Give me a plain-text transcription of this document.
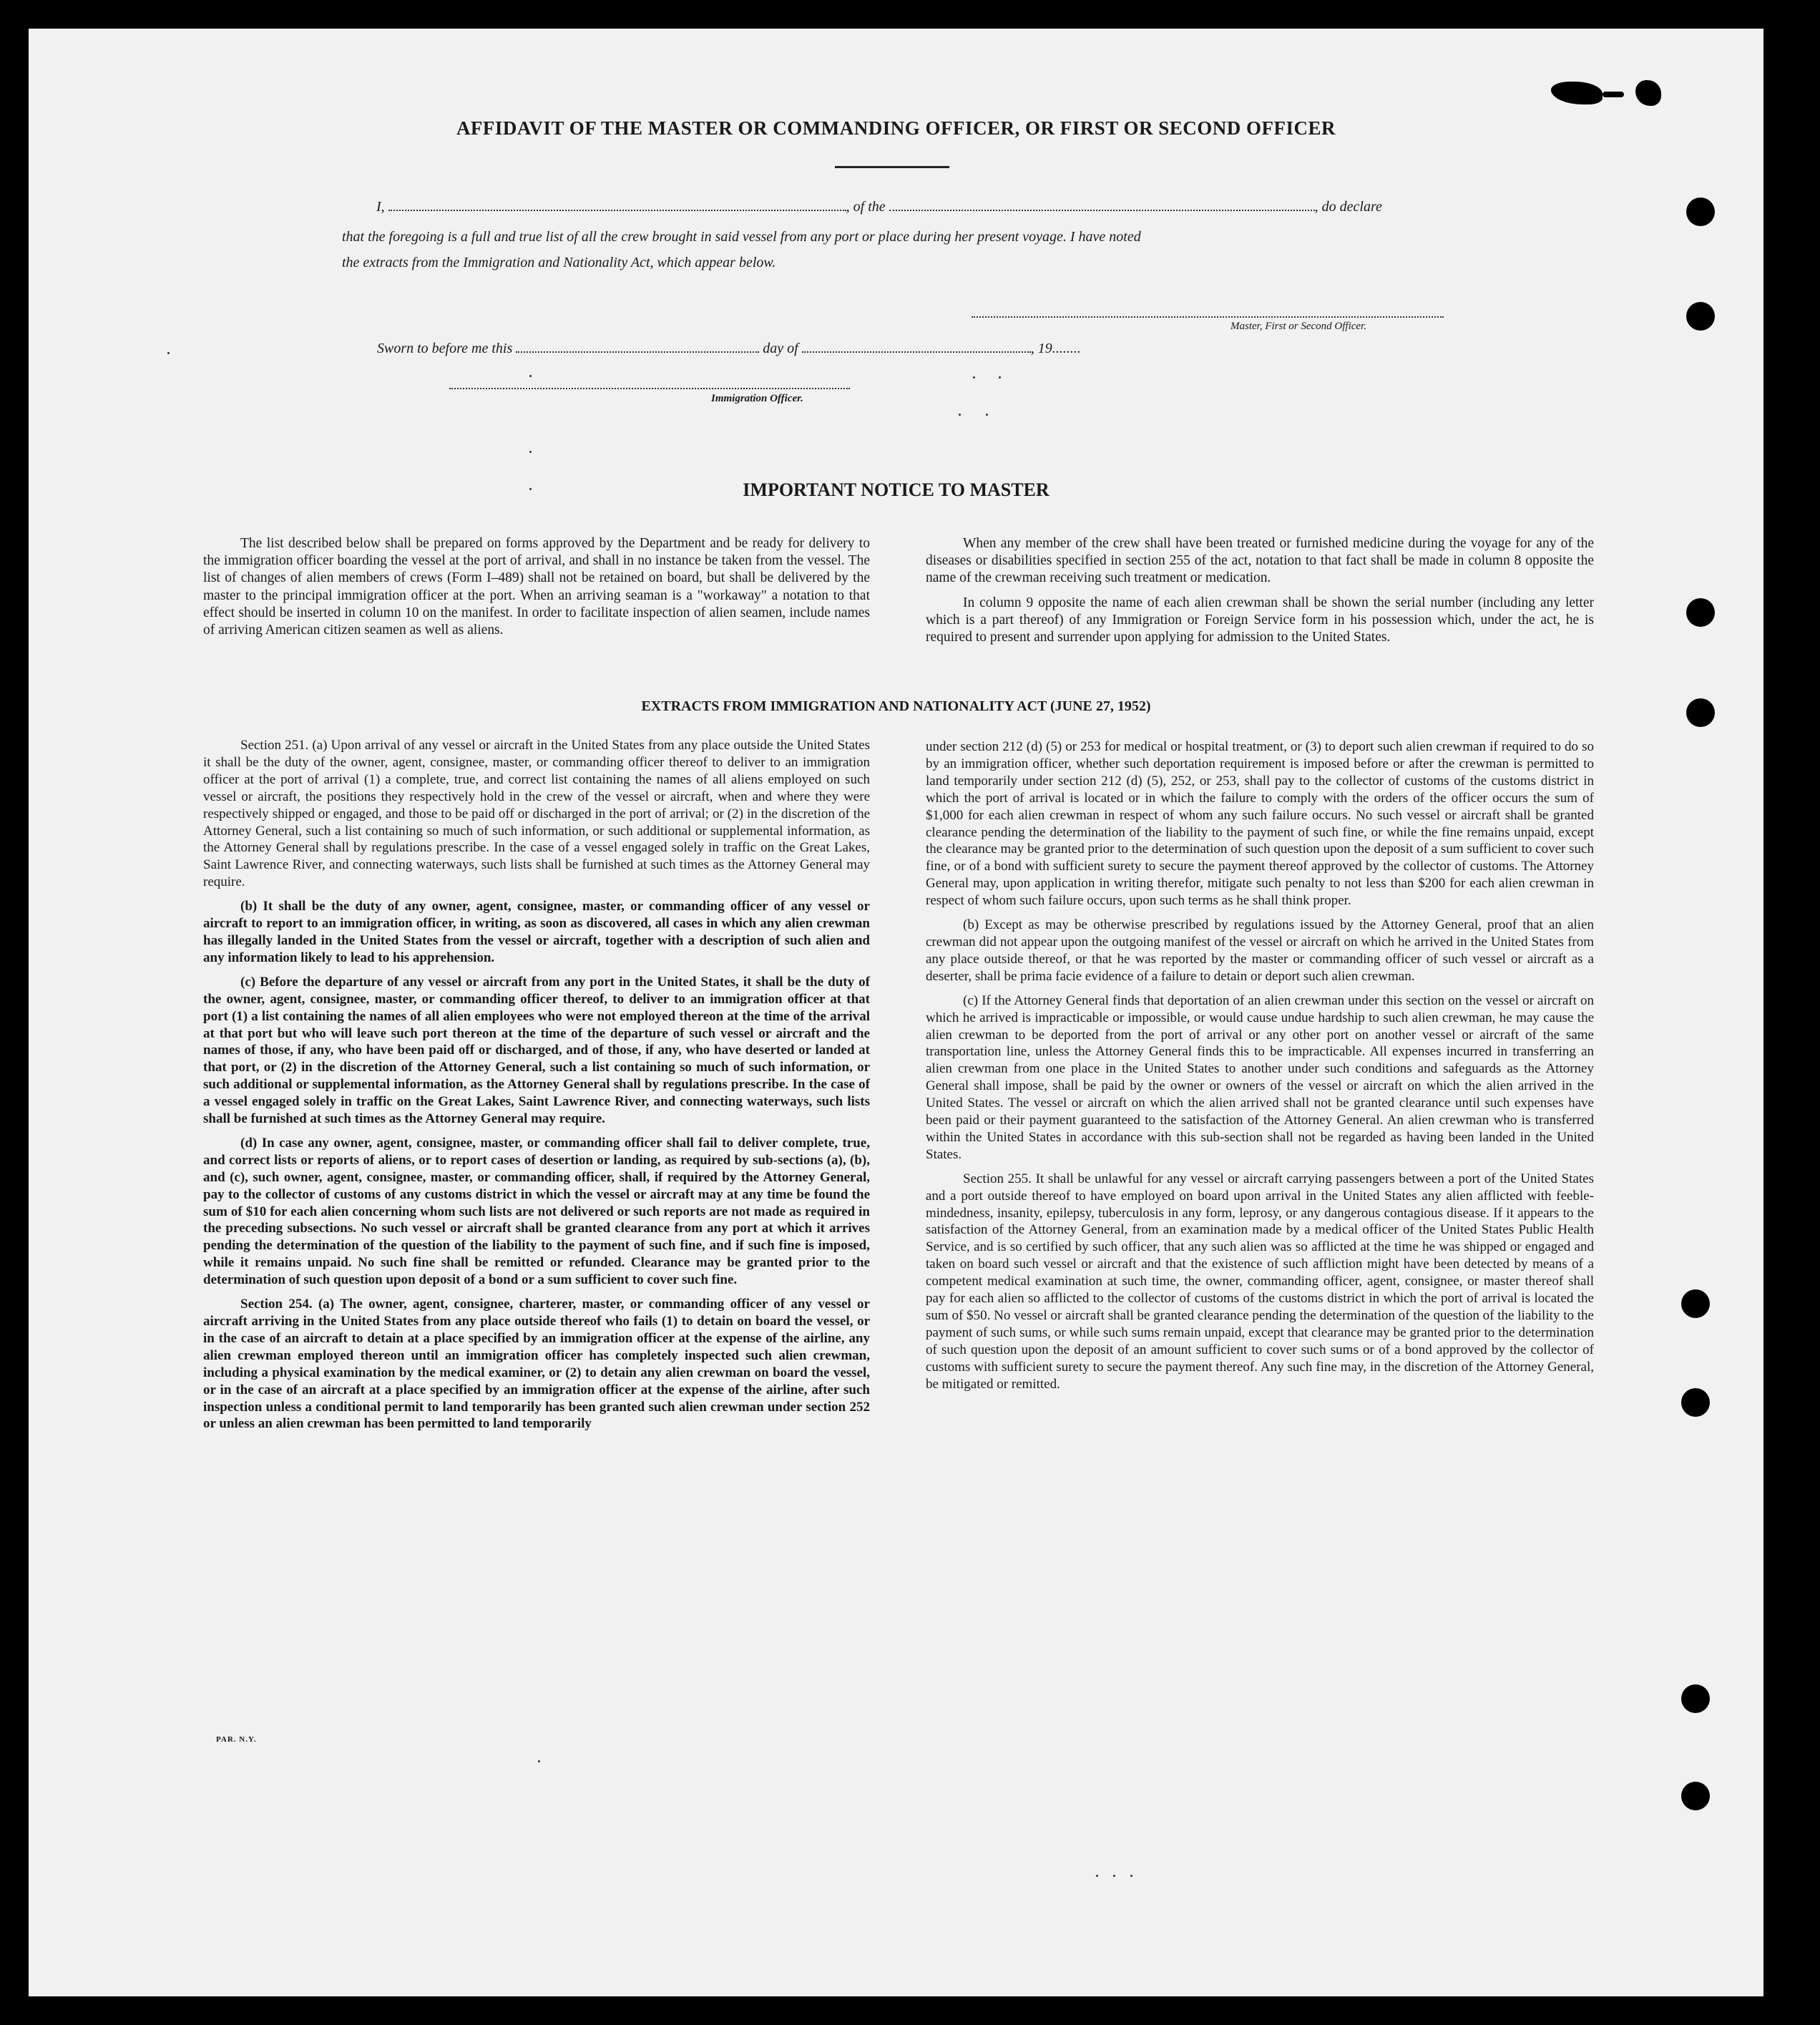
AFFIDAVIT OF THE MASTER OR COMMANDING OFFICER, OR FIRST OR SECOND OFFICER
I,	, of the	, do declare
that the foregoing is a full and true list of all the crew brought in said vessel from any port or place during her present voyage. I have noted
the extracts from the Immigration and Nationality Act, which appear below.
Master, First or Second Officer.
Sworn to before me this	day of	, 19........
Immigration Officer.
IMPORTANT NOTICE TO MASTER

The list described below shall be prepared on forms approved by the Department and be ready for delivery to the immigration officer boarding the vessel at the port of arrival, and shall in no instance be taken from the vessel. The list of changes of alien members of crews (Form I–489) shall not be retained on board, but shall be delivered by the master to the principal immigration officer at the port. When an arriving seaman is a "workaway" a notation to that effect should be inserted in column 10 on the manifest. In order to facilitate inspection of alien seamen, include names of arriving American citizen seamen as well as aliens.

When any member of the crew shall have been treated or furnished medicine during the voyage for any of the diseases or disabilities specified in section 255 of the act, notation to that fact shall be made in column 8 opposite the name of the crewman receiving such treatment or medication.

In column 9 opposite the name of each alien crewman shall be shown the serial number (including any letter which is a part thereof) of any Immigration or Foreign Service form in his possession which, under the act, he is required to present and surrender upon applying for admission to the United States.

EXTRACTS FROM IMMIGRATION AND NATIONALITY ACT (JUNE 27, 1952)

Section 251. (a) Upon arrival of any vessel or aircraft in the United States from any place outside the United States it shall be the duty of the owner, agent, consignee, master, or commanding officer thereof to deliver to an immigration officer at the port of arrival (1) a complete, true, and correct list containing the names of all aliens employed on such vessel or aircraft, the positions they respectively hold in the crew of the vessel or aircraft, when and where they were respectively shipped or engaged, and those to be paid off or discharged in the port of arrival; or (2) in the discretion of the Attorney General, such a list containing so much of such information, or such additional or supplemental information, as the Attorney General shall by regulations prescribe. In the case of a vessel engaged solely in traffic on the Great Lakes, Saint Lawrence River, and connecting waterways, such lists shall be furnished at such times as the Attorney General may require.

(b) It shall be the duty of any owner, agent, consignee, master, or commanding officer of any vessel or aircraft to report to an immigration officer, in writing, as soon as discovered, all cases in which any alien crewman has illegally landed in the United States from the vessel or aircraft, together with a description of such alien and any information likely to lead to his apprehension.

(c) Before the departure of any vessel or aircraft from any port in the United States, it shall be the duty of the owner, agent, consignee, master, or commanding officer thereof, to deliver to an immigration officer at that port (1) a list containing the names of all alien employees who were not employed thereon at the time of the arrival at that port but who will leave such port thereon at the time of the departure of such vessel or aircraft and the names of those, if any, who have been paid off or discharged, and of those, if any, who have deserted or landed at that port, or (2) in the discretion of the Attorney General, such a list containing so much of such information, or such additional or supplemental information, as the Attorney General shall by regulations prescribe. In the case of a vessel engaged solely in traffic on the Great Lakes, Saint Lawrence River, and connecting waterways, such lists shall be furnished at such times as the Attorney General may require.

(d) In case any owner, agent, consignee, master, or commanding officer shall fail to deliver complete, true, and correct lists or reports of aliens, or to report cases of desertion or landing, as required by sub-sections (a), (b), and (c), such owner, agent, consignee, master, or commanding officer, shall, if required by the Attorney General, pay to the collector of customs of any customs district in which the vessel or aircraft may at any time be found the sum of $10 for each alien concerning whom such lists are not delivered or such reports are not made as required in the preceding subsections. No such vessel or aircraft shall be granted clearance from any port at which it arrives pending the determination of the question of the liability to the payment of such fine, and if such fine is imposed, while it remains unpaid. No such fine shall be remitted or refunded. Clearance may be granted prior to the determination of such question upon deposit of a bond or a sum sufficient to cover such fine.

Section 254. (a) The owner, agent, consignee, charterer, master, or commanding officer of any vessel or aircraft arriving in the United States from any place outside thereof who fails (1) to detain on board the vessel, or in the case of an aircraft to detain at a place specified by an immigration officer at the expense of the airline, any alien crewman employed thereon until an immigration officer has completely inspected such alien crewman, including a physical examination by the medical examiner, or (2) to detain any alien crewman on board the vessel, or in the case of an aircraft at a place specified by an immigration officer at the expense of the airline, after such inspection unless a conditional permit to land temporarily has been granted such alien crewman under section 252 or unless an alien crewman has been permitted to land temporarily

under section 212 (d) (5) or 253 for medical or hospital treatment, or (3) to deport such alien crewman if required to do so by an immigration officer, whether such deportation requirement is imposed before or after the crewman is permitted to land temporarily under section 212 (d) (5), 252, or 253, shall pay to the collector of customs of the customs district in which the port of arrival is located or in which the failure to comply with the orders of the officer occurs the sum of $1,000 for each alien crewman in respect of whom any such failure occurs. No such vessel or aircraft shall be granted clearance pending the determination of the liability to the payment of such fine, or while the fine remains unpaid, except the clearance may be granted prior to the determination of such question upon the deposit of a sum sufficient to cover such fine, or of a bond with sufficient surety to secure the payment thereof approved by the collector of customs. The Attorney General may, upon application in writing therefor, mitigate such penalty to not less than $200 for each alien crewman in respect of whom such failure occurs, upon such terms as he shall think proper.

(b) Except as may be otherwise prescribed by regulations issued by the Attorney General, proof that an alien crewman did not appear upon the outgoing manifest of the vessel or aircraft on which he arrived in the United States from any place outside thereof, or that he was reported by the master or commanding officer of such vessel or aircraft as a deserter, shall be prima facie evidence of a failure to detain or deport such alien crewman.

(c) If the Attorney General finds that deportation of an alien crewman under this section on the vessel or aircraft on which he arrived is impracticable or impossible, or would cause undue hardship to such alien crewman, he may cause the alien crewman to be deported from the port of arrival or any other port on another vessel or aircraft of the same transportation line, unless the Attorney General finds this to be impracticable. All expenses incurred in transferring an alien crewman from one place in the United States to another under such conditions and safeguards as the Attorney General shall impose, shall be paid by the owner or owners of the vessel or aircraft on which the alien arrived in the United States. The vessel or aircraft on which the alien arrived shall not be granted clearance until such expenses have been paid or their payment guaranteed to the satisfaction of the Attorney General. An alien crewman who is transferred within the United States in accordance with this sub-section shall not be regarded as having been landed in the United States.

Section 255. It shall be unlawful for any vessel or aircraft carrying passengers between a port of the United States and a port outside thereof to have employed on board upon arrival in the United States any alien afflicted with feeble-mindedness, insanity, epilepsy, tuberculosis in any form, leprosy, or any dangerous contagious disease. If it appears to the satisfaction of the Attorney General, from an examination made by a medical officer of the United States Public Health Service, and is so certified by such officer, that any such alien was so afflicted at the time he was shipped or engaged and taken on board such vessel or aircraft and that the existence of such affliction might have been detected by means of a competent medical examination at such time, the owner, commanding officer, agent, consignee, or master thereof shall pay for each alien so afflicted to the collector of customs of the customs district in which the port of arrival is located the sum of $50. No vessel or aircraft shall be granted clearance pending the determination of the question of the liability to the payment of such sums, or while such sums remain unpaid, except that clearance may be granted prior to the determination of such question upon the deposit of an amount sufficient to cover such sums or of a bond approved by the collector of customs with sufficient surety to secure the payment thereof. Any such fine may, in the discretion of the Attorney General, be mitigated or remitted.

PAR. N.Y.
